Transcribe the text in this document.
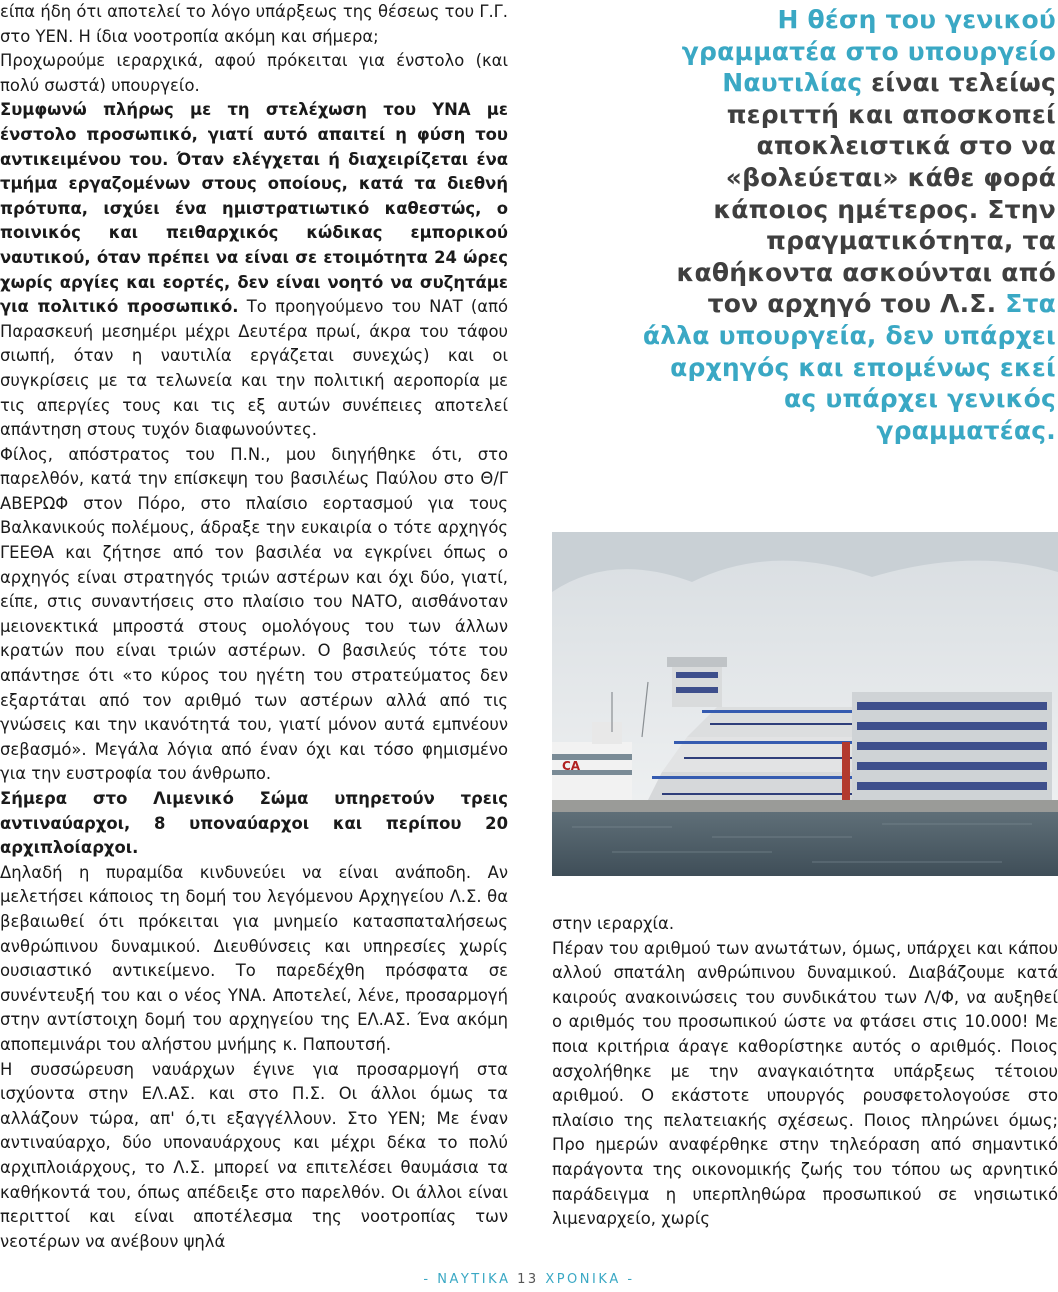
είπα ήδη ότι αποτελεί το λόγο υπάρξεως της θέσεως του Γ.Γ. στο ΥΕΝ. Η ίδια νοοτροπία ακόμη και σήμερα;

Προχωρούμε ιεραρχικά, αφού πρόκειται για ένστολο (και πολύ σωστά) υπουργείο.

Συμφωνώ πλήρως με τη στελέχωση του ΥΝΑ με ένστολο προσωπικό, γιατί αυτό απαιτεί η φύση του αντικειμένου του. Όταν ελέγχεται ή διαχειρίζεται ένα τμήμα εργαζομένων στους οποίους, κατά τα διεθνή πρότυπα, ισχύει ένα ημιστρατιωτικό καθεστώς, ο ποινικός και πειθαρχικός κώδικας εμπορικού ναυτικού, όταν πρέπει να είναι σε ετοιμότητα 24 ώρες χωρίς αργίες και εορτές, δεν είναι νοητό να συζητάμε για πολιτικό προσωπικό. Το προηγούμενο του ΝΑΤ (από Παρασκευή μεσημέρι μέχρι Δευτέρα πρωί, άκρα του τάφου σιωπή, όταν η ναυτιλία εργάζεται συνεχώς) και οι συγκρίσεις με τα τελωνεία και την πολιτική αεροπορία με τις απεργίες τους και τις εξ αυτών συνέπειες αποτελεί απάντηση στους τυχόν διαφωνούντες.

Φίλος, απόστρατος του Π.Ν., μου διηγήθηκε ότι, στο παρελθόν, κατά την επίσκεψη του βασιλέως Παύλου στο Θ/Γ ΑΒΕΡΩΦ στον Πόρο, στο πλαίσιο εορτασμού για τους Βαλκανικούς πολέμους, άδραξε την ευκαιρία ο τότε αρχηγός ΓΕΕΘΑ και ζήτησε από τον βασιλέα να εγκρίνει όπως ο αρχηγός είναι στρατηγός τριών αστέρων και όχι δύο, γιατί, είπε, στις συναντήσεις στο πλαίσιο του ΝΑΤΟ, αισθάνοταν μειονεκτικά μπροστά στους ομολόγους του των άλλων κρατών που είναι τριών αστέρων. Ο βασιλεύς τότε του απάντησε ότι «το κύρος του ηγέτη του στρατεύματος δεν εξαρτάται από τον αριθμό των αστέρων αλλά από τις γνώσεις και την ικανότητά του, γιατί μόνον αυτά εμπνέουν σεβασμό». Μεγάλα λόγια από έναν όχι και τόσο φημισμένο για την ευστροφία του άνθρωπο.

Σήμερα στο Λιμενικό Σώμα υπηρετούν τρεις αντιναύαρχοι, 8 υποναύαρχοι και περίπου 20 αρχιπλοίαρχοι.

Δηλαδή η πυραμίδα κινδυνεύει να είναι ανάποδη. Αν μελετήσει κάποιος τη δομή του λεγόμενου Αρχηγείου Λ.Σ. θα βεβαιωθεί ότι πρόκειται για μνημείο κατασπαταλήσεως ανθρώπινου δυναμικού. Διευθύνσεις και υπηρεσίες χωρίς ουσιαστικό αντικείμενο. Το παρεδέχθη πρόσφατα σε συνέντευξή του και ο νέος ΥΝΑ. Αποτελεί, λένε, προσαρμογή στην αντίστοιχη δομή του αρχηγείου της ΕΛ.ΑΣ. Ένα ακόμη αποπεμινάρι του αλήστου μνήμης κ. Παπουτσή.

Η συσσώρευση ναυάρχων έγινε για προσαρμογή στα ισχύοντα στην ΕΛ.ΑΣ. και στο Π.Σ. Οι άλλοι όμως τα αλλάζουν τώρα, απ' ό,τι εξαγγέλλουν. Στο ΥΕΝ; Με έναν αντιναύαρχο, δύο υποναυάρχους και μέχρι δέκα το πολύ αρχιπλοιάρχους, το Λ.Σ. μπορεί να επιτελέσει θαυμάσια τα καθήκοντά του, όπως απέδειξε στο παρελθόν. Οι άλλοι είναι περιττοί και είναι αποτέλεσμα της νοοτροπίας των νεοτέρων να ανέβουν ψηλά

Η θέση του γενικού γραμματέα στο υπουργείο Ναυτιλίας είναι τελείως περιττή και αποσκοπεί αποκλειστικά στο να «βολεύεται» κάθε φορά κάποιος ημέτερος. Στην πραγματικότητα, τα καθήκοντα ασκούνται από τον αρχηγό του Λ.Σ. Στα άλλα υπουργεία, δεν υπάρχει αρχηγός και επομένως εκεί ας υπάρχει γενικός γραμματέας.
CA

στην ιεραρχία.

Πέραν του αριθμού των ανωτάτων, όμως, υπάρχει και κάπου αλλού σπατάλη ανθρώπινου δυναμικού. Διαβάζουμε κατά καιρούς ανακοινώσεις του συνδικάτου των Λ/Φ, να αυξηθεί ο αριθμός του προσωπικού ώστε να φτάσει στις 10.000! Με ποια κριτήρια άραγε καθορίστηκε αυτός ο αριθμός. Ποιος ασχολήθηκε με την αναγκαιότητα υπάρξεως τέτοιου αριθμού. Ο εκάστοτε υπουργός ρουσφετολογούσε στο πλαίσιο της πελατειακής σχέσεως. Ποιος πληρώνει όμως; Προ ημερών αναφέρθηκε στην τηλεόραση από σημαντικό παράγοντα της οικονομικής ζωής του τόπου ως αρνητικό παράδειγμα η υπερπληθώρα προσωπικού σε νησιωτικό λιμεναρχείο, χωρίς

- ΝΑΥΤΙΚΑ 13 ΧΡΟΝΙΚΑ -
